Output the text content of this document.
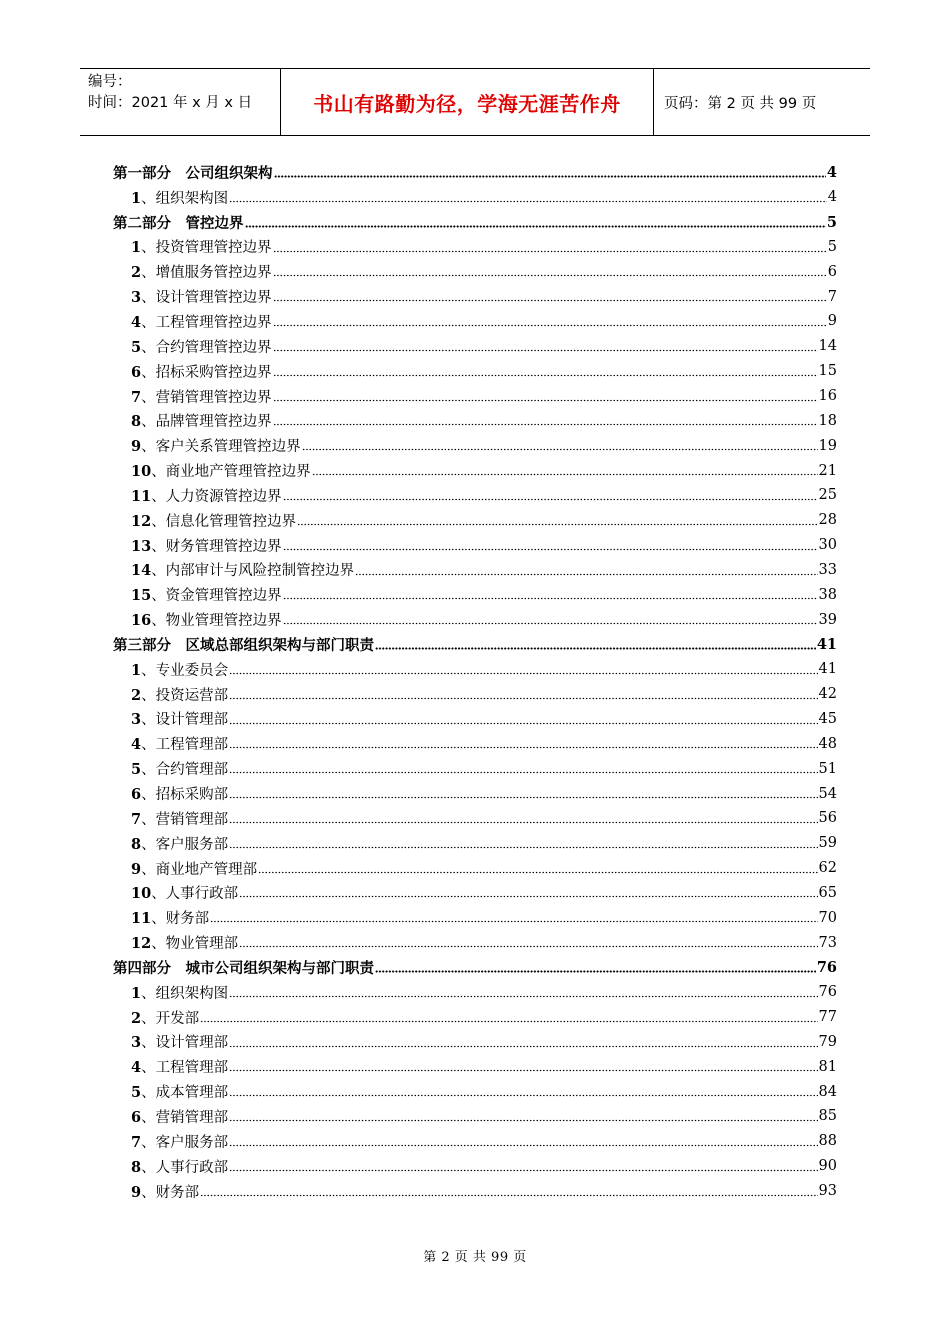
编号：
时间：2021 年 x 月 x 日	书山有路勤为径，学海无涯苦作舟	页码：第 2 页 共 99 页
第一部分　公司组织架构	4
1、组织架构图	4
第二部分　管控边界	5
1、投资管理管控边界	5
2、增值服务管控边界	6
3、设计管理管控边界	7
4、工程管理管控边界	9
5、合约管理管控边界	14
6、招标采购管控边界	15
7、营销管理管控边界	16
8、品牌管理管控边界	18
9、客户关系管理管控边界	19
10、商业地产管理管控边界	21
11、人力资源管控边界	25
12、信息化管理管控边界	28
13、财务管理管控边界	30
14、内部审计与风险控制管控边界	33
15、资金管理管控边界	38
16、物业管理管控边界	39
第三部分　区域总部组织架构与部门职责	41
1、专业委员会	41
2、投资运营部	42
3、设计管理部	45
4、工程管理部	48
5、合约管理部	51
6、招标采购部	54
7、营销管理部	56
8、客户服务部	59
9、商业地产管理部	62
10、人事行政部	65
11、财务部	70
12、物业管理部	73
第四部分　城市公司组织架构与部门职责	76
1、组织架构图	76
2、开发部	77
3、设计管理部	79
4、工程管理部	81
5、成本管理部	84
6、营销管理部	85
7、客户服务部	88
8、人事行政部	90
9、财务部	93
第 2 页 共 99 页
